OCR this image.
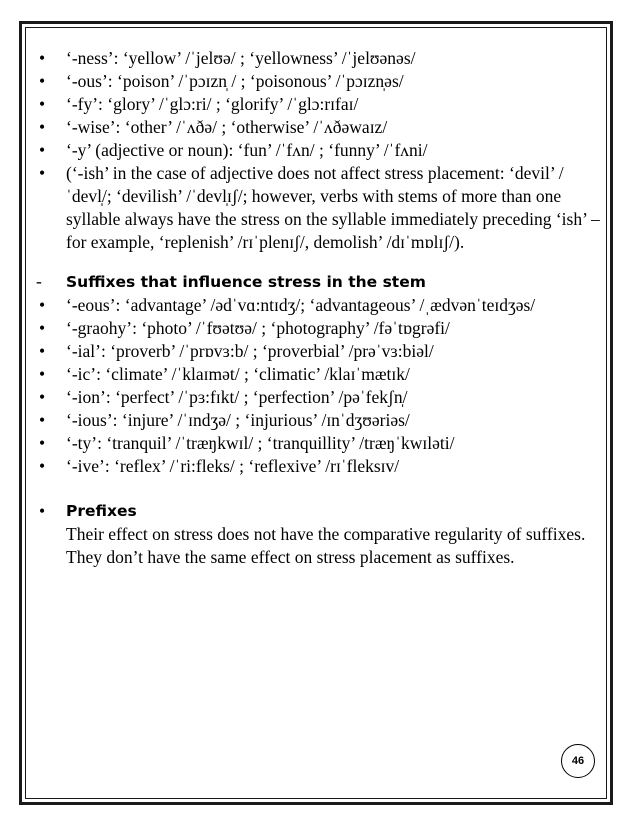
• ‘-ness’: ‘yellow’ /ˈjelʊə/ ; ‘yellowness’ /ˈjelʊənəs/
• ‘-ous’: ‘poison’ /ˈpɔɪzn̩ / ; ‘poisonous’ /ˈpɔɪzn̩əs/
• ‘-fy’: ‘glory’ /ˈglɔ:ri/ ; ‘glorify’ /ˈglɔ:rɪfaɪ/
• ‘-wise’: ‘other’ /ˈʌðə/ ; ‘otherwise’ /ˈʌðəwaɪz/
• ‘-y’ (adjective or noun): ‘fun’ /ˈfʌn/ ; ‘funny’ /ˈfʌni/
• (‘-ish’ in the case of adjective does not affect stress placement: ‘devil’ /ˈdevl̩/; ‘devilish’ /ˈdevl̩ɪʃ/; however, verbs with stems of more than one syllable always have the stress on the syllable immediately preceding ‘ish’ – for example, ‘replenish’ /rɪˈplenɪʃ/, demolish’ /dɪˈmɒlɪʃ/).
- Suffixes that influence stress in the stem
• ‘-eous’: ‘advantage’ /ədˈvɑ:ntɪdʒ/; ‘advantageous’ /ˌædvənˈteɪdʒəs/
• ‘-graohy’: ‘photo’ /ˈfʊətʊə/ ; ‘photography’ /fəˈtɒgrəfi/
• ‘-ial’: ‘proverb’ /ˈprɒvɜ:b/ ; ‘proverbial’ /prəˈvɜ:biəl/
• ‘-ic’: ‘climate’ /ˈklaɪmət/ ; ‘climatic’ /klaɪˈmætɪk/
• ‘-ion’: ‘perfect’ /ˈpɜ:fɪkt/ ; ‘perfection’ /pəˈfekʃn̩/
• ‘-ious’: ‘injure’ /ˈɪndʒə/ ; ‘injurious’ /ɪnˈdʒʊəriəs/
• ‘-ty’: ‘tranquil’ /ˈtræŋkwɪl/ ; ‘tranquillity’ /træŋˈkwɪləti/
• ‘-ive’: ‘reflex’ /ˈri:fleks/ ; ‘reflexive’ /rɪˈfleksɪv/
• Prefixes
Their effect on stress does not have the comparative regularity of suffixes.
They don’t have the same effect on stress placement as suffixes.
46
